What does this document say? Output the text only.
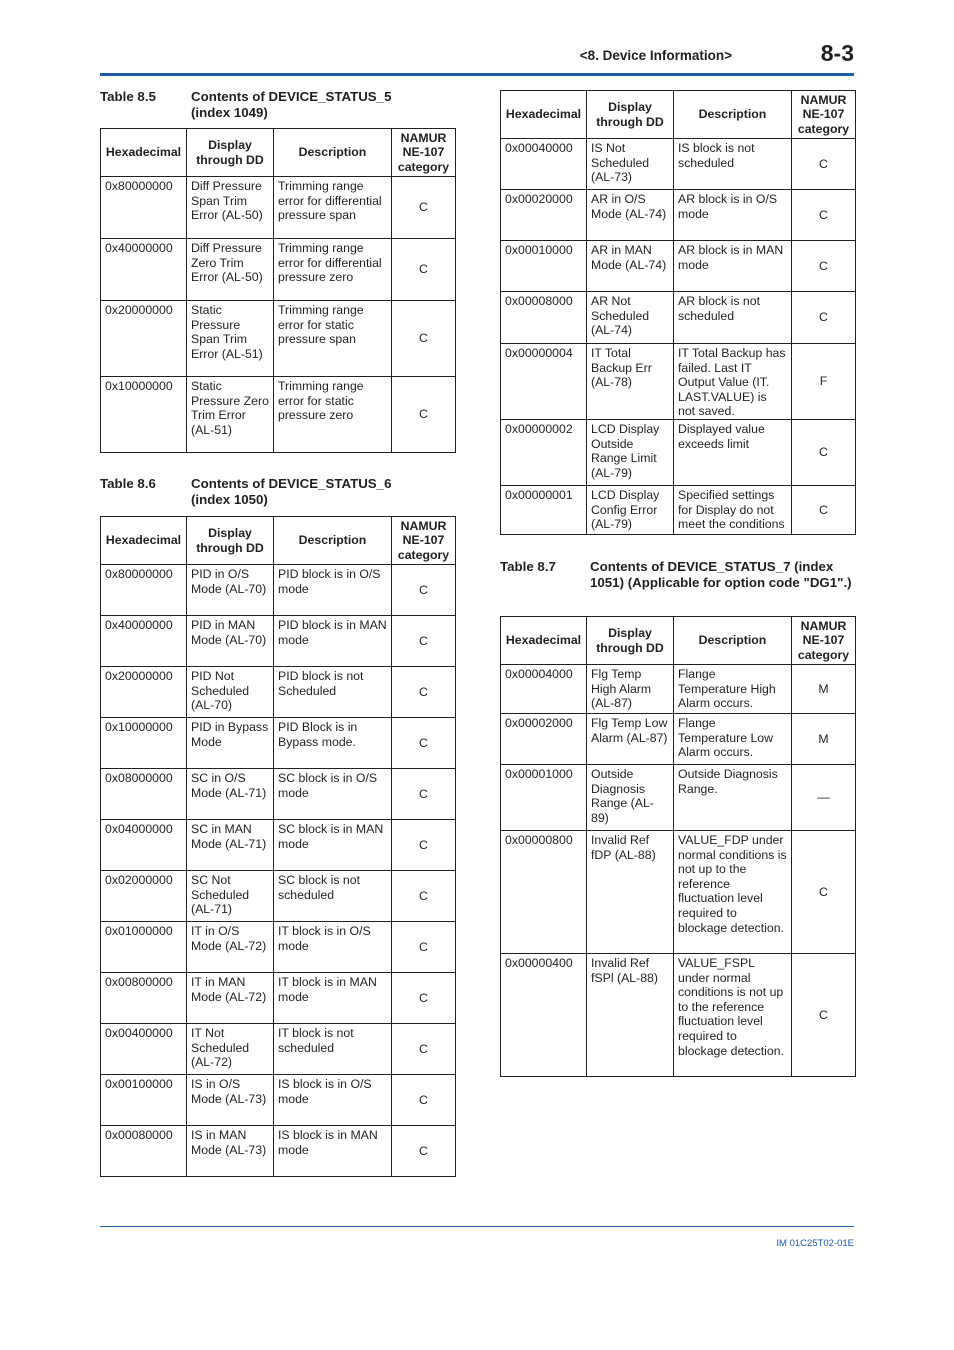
<8. Device Information>	8-3
Table 8.5	Contents of DEVICE_STATUS_5 (index 1049)
Hexadecimal	Display through DD	Description	NAMUR NE-107 category
0x80000000	Diff Pressure Span Trim Error (AL-50)	Trimming range error for differential pressure span	C
0x40000000	Diff Pressure Zero Trim Error (AL-50)	Trimming range error for differential pressure zero	C
0x20000000	Static Pressure Span Trim Error (AL-51)	Trimming range error for static pressure span	C
0x10000000	Static Pressure Zero Trim Error (AL-51)	Trimming range error for static pressure zero	C
Table 8.6	Contents of DEVICE_STATUS_6 (index 1050)
Hexadecimal	Display through DD	Description	NAMUR NE-107 category
0x80000000	PID in O/S Mode (AL-70)	PID block is in O/S mode	C
0x40000000	PID in MAN Mode (AL-70)	PID block is in MAN mode	C
0x20000000	PID Not Scheduled (AL-70)	PID block is not Scheduled	C
0x10000000	PID in Bypass Mode	PID Block is in Bypass mode.	C
0x08000000	SC in O/S Mode (AL-71)	SC block is in O/S mode	C
0x04000000	SC in MAN Mode (AL-71)	SC block is in MAN mode	C
0x02000000	SC Not Scheduled (AL-71)	SC block is not scheduled	C
0x01000000	IT in O/S Mode (AL-72)	IT block is in O/S mode	C
0x00800000	IT in MAN Mode (AL-72)	IT block is in MAN mode	C
0x00400000	IT Not Scheduled (AL-72)	IT block is not scheduled	C
0x00100000	IS in O/S Mode (AL-73)	IS block is in O/S mode	C
0x00080000	IS in MAN Mode (AL-73)	IS block is in MAN mode	C
Hexadecimal	Display through DD	Description	NAMUR NE-107 category
0x00040000	IS Not Scheduled (AL-73)	IS block is not scheduled	C
0x00020000	AR in O/S Mode (AL-74)	AR block is in O/S mode	C
0x00010000	AR in MAN Mode (AL-74)	AR block is in MAN mode	C
0x00008000	AR Not Scheduled (AL-74)	AR block is not scheduled	C
0x00000004	IT Total Backup Err (AL-78)	IT Total Backup has failed. Last IT Output Value (IT. LAST.VALUE) is not saved.	F
0x00000002	LCD Display Outside Range Limit (AL-79)	Displayed value exceeds limit	C
0x00000001	LCD Display Config Error (AL-79)	Specified settings for Display do not meet the conditions	C
Table 8.7	Contents of DEVICE_STATUS_7 (index 1051) (Applicable for option code "DG1".)
Hexadecimal	Display through DD	Description	NAMUR NE-107 category
0x00004000	Flg Temp High Alarm (AL-87)	Flange Temperature High Alarm occurs.	M
0x00002000	Flg Temp Low Alarm (AL-87)	Flange Temperature Low Alarm occurs.	M
0x00001000	Outside Diagnosis Range (AL-89)	Outside Diagnosis Range.	—
0x00000800	Invalid Ref fDP (AL-88)	VALUE_FDP under normal conditions is not up to the reference fluctuation level required to blockage detection.	C
0x00000400	Invalid Ref fSPl (AL-88)	VALUE_FSPL under normal conditions is not up to the reference fluctuation level required to blockage detection.	C
IM 01C25T02-01E
